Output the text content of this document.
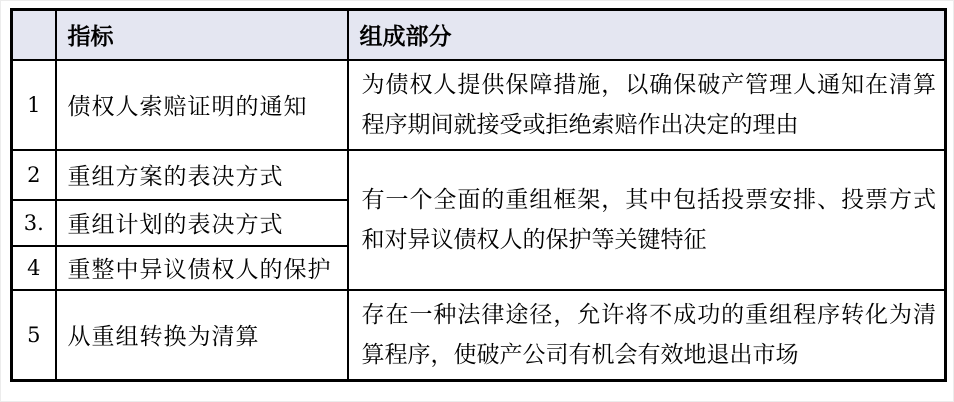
	指标	组成部分
1	债权人索赔证明的通知	为债权人提供保障措施，以确保破产管理人通知在清算程序期间就接受或拒绝索赔作出决定的理由
2	重组方案的表决方式	有一个全面的重组框架，其中包括投票安排、投票方式和对异议债权人的保护等关键特征
3.	重组计划的表决方式	
4	重整中异议债权人的保护	
5	从重组转换为清算	存在一种法律途径，允许将不成功的重组程序转化为清算程序，使破产公司有机会有效地退出市场
